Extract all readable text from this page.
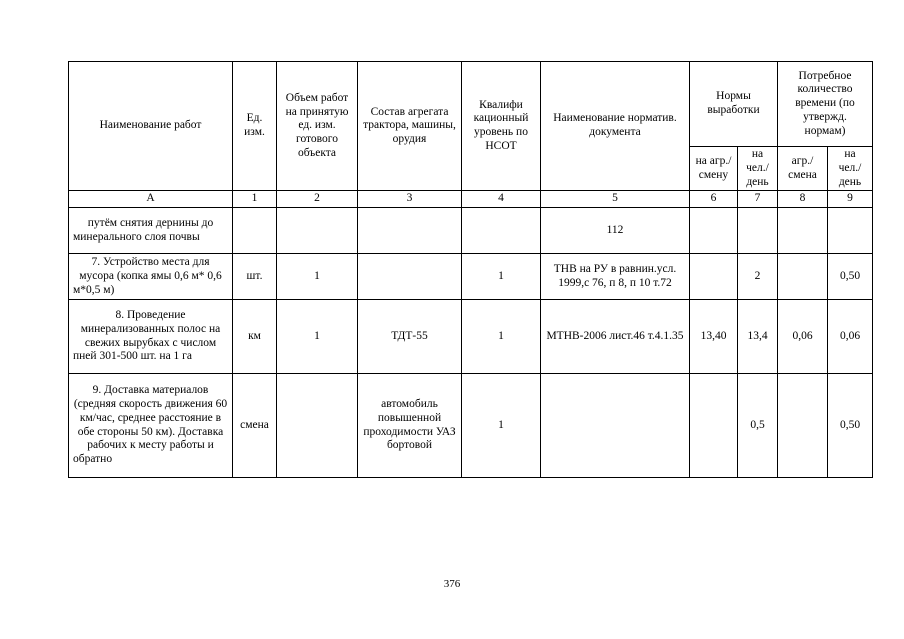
Наименование работ	Ед. изм.	Объем работ на принятую ед. изм. готового объекта	Состав агрегата трактора, машины, орудия	Квалифи кационный уровень по НСОТ	Наименование норматив. документа	Нормы выработки		Потребное количество времени (по утвержд. нормам)	
						на агр./ смену	на чел./ день	агр./ смена	на чел./ день
А	1	2	3	4	5	6	7	8	9
путём снятия дернины до минерального слоя почвы					112				
7. Устройство места для мусора (копка ямы 0,6 м* 0,6 м*0,5 м)	шт.	1		1	ТНВ на РУ в равнин.усл. 1999,с 76, п 8, п 10 т.72		2		0,50
8. Проведение минерализованных полос на свежих вырубках с числом пней 301-500 шт. на 1 га	км	1	ТДТ-55	1	МТНВ-2006 лист.46 т.4.1.35	13,40	13,4	0,06	0,06
9. Доставка материалов (средняя скорость движения 60 км/час, среднее расстояние в обе стороны 50 км). Доставка рабочих к месту работы и обратно	смена		автомобиль повышенной проходимости УАЗ бортовой	1			0,5		0,50
376
